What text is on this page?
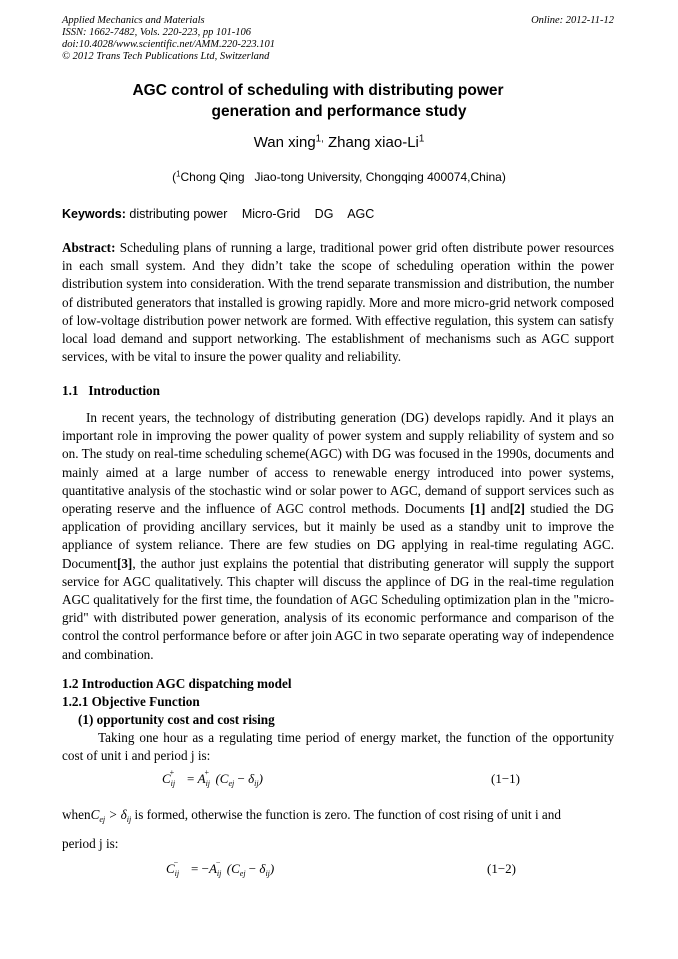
Applied Mechanics and Materials
ISSN: 1662-7482, Vols. 220-223, pp 101-106
doi:10.4028/www.scientific.net/AMM.220-223.101
© 2012 Trans Tech Publications Ltd, Switzerland
Online: 2012-11-12
AGC control of scheduling with distributing power
generation and performance study
Wan xing$^{1,}$ Zhang xiao-Li$^1$
($^1$Chong Qing   Jiao-tong University, Chongqing 400074,China)
Keywords: distributing power Micro-Grid DG AGC
Abstract: Scheduling plans of running a large, traditional power grid often distribute power resources in each small system. And they didn’t take the scope of scheduling operation within the power distribution system into consideration. With the trend separate transmission and distribution, the number of distributed generators that installed is growing rapidly. More and more micro-grid network composed of low-voltage distribution power network are formed. With effective regulation, this system can satisfy local load demand and support networking. The establishment of mechanisms such as AGC support services, with be vital to insure the power quality and reliability.
1.1   Introduction
In recent years, the technology of distributing generation (DG) develops rapidly. And it plays an important role in improving the power quality of power system and supply reliability of system and so on. The study on real-time scheduling scheme(AGC) with DG was focused in the 1990s, documents and mainly aimed at a large number of access to renewable energy introduced into power systems, quantitative analysis of the stochastic wind or solar power to AGC, demand of support services such as operating reserve and the influence of AGC control methods. Documents [1] and[2] studied the DG application of providing ancillary services, but it mainly be used as a standby unit to improve the appliance of system reliance. There are few studies on DG applying in real-time regulating AGC. Document[3], the author just explains the potential that distributing generator will supply the support service for AGC qualitatively. This chapter will discuss the applince of DG in the real-time regulation AGC qualitatively for the first time, the foundation of AGC Scheduling optimization plan in the "micro-grid" with distributed power generation, analysis of its economic performance and comparison of the control the control performance before or after join AGC in two separate operating way of independence and combination.
1.2 Introduction AGC dispatching model
1.2.1 Objective Function
(1) opportunity cost and cost rising
Taking one hour as a regulating time period of energy market, the function of the opportunity cost of unit i and period j is:
$C_{ij}^+ = A_{ij}^+$ $(C_{ej} - \delta_{ij})$	(1−1)
whenC$_{ej}$ > $\delta_{ij}$ is formed, otherwise the function is zero. The function of cost rising of unit i and
period j is:
$C_{ij}^- = -A_{ij}^-$ $(C_{ej} - \delta_{ij})$	(1−2)
